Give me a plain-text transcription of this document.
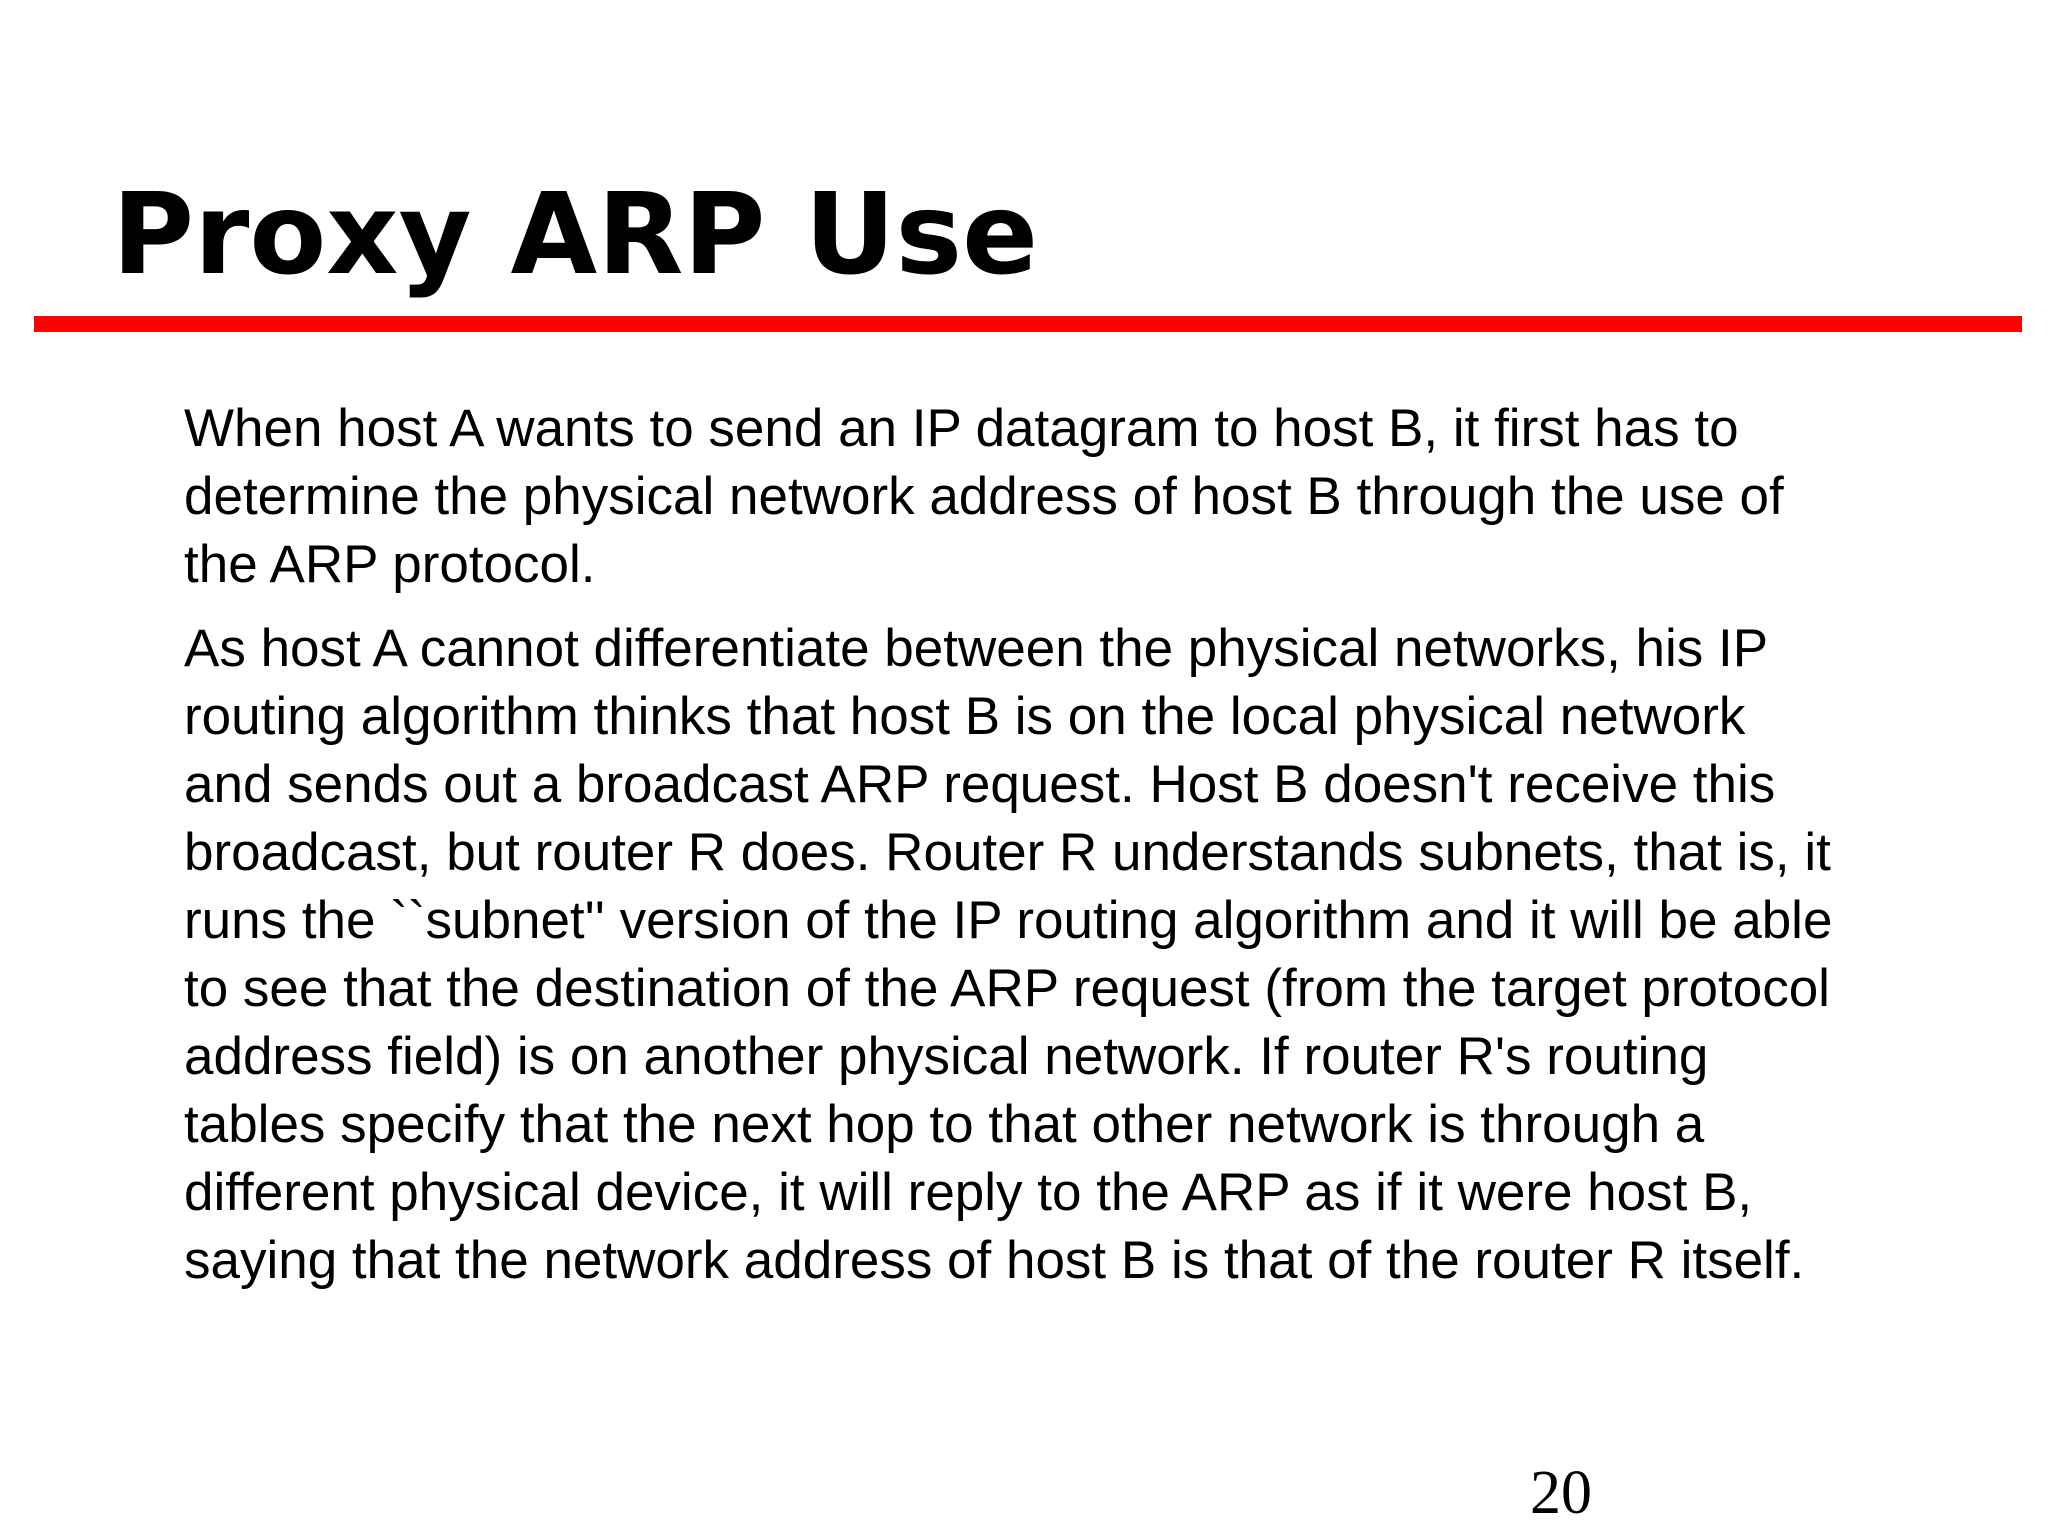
Proxy ARP Use

When host A wants to send an IP datagram to host B, it first has to
determine the physical network address of host B through the use of
the ARP protocol.

As host A cannot differentiate between the physical networks, his IP
routing algorithm thinks that host B is on the local physical network
and sends out a broadcast ARP request. Host B doesn't receive this
broadcast, but router R does. Router R understands subnets, that is, it
runs the ``subnet'' version of the IP routing algorithm and it will be able
to see that the destination of the ARP request (from the target protocol
address field) is on another physical network. If router R's routing
tables specify that the next hop to that other network is through a
different physical device, it will reply to the ARP as if it were host B,
saying that the network address of host B is that of the router R itself.

20
